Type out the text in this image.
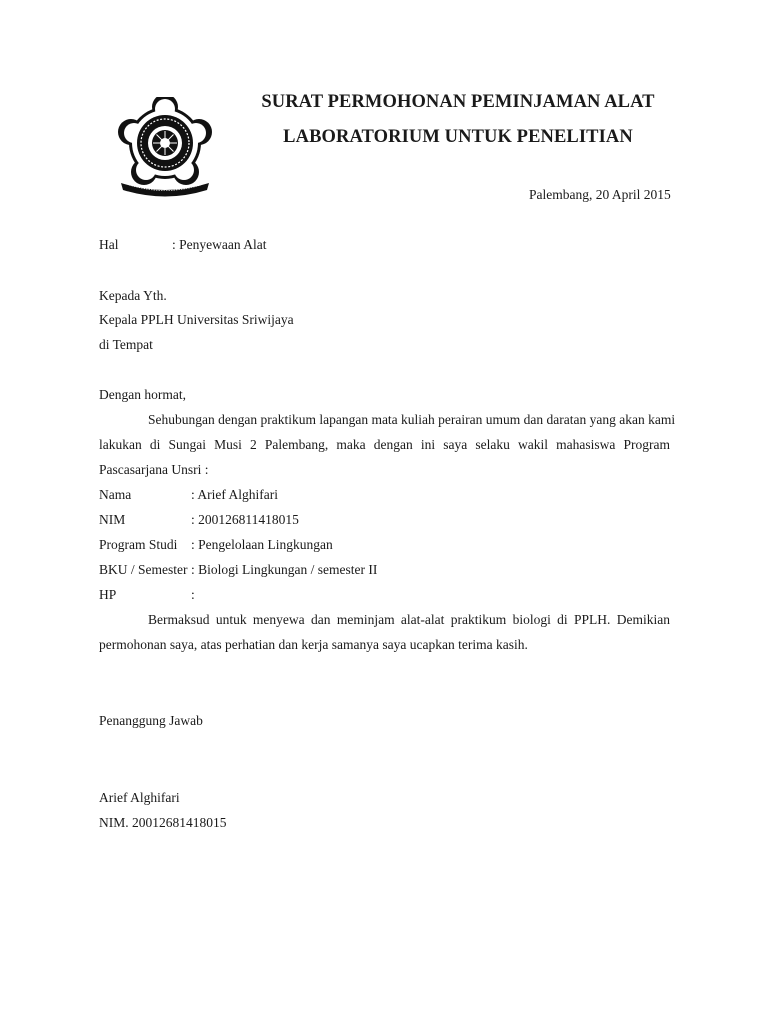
SURAT PERMOHONAN PEMINJAMAN ALAT
LABORATORIUM UNTUK PENELITIAN
Palembang, 20 April 2015
Hal	: Penyewaan Alat
Kepada Yth.
Kepala PPLH Universitas Sriwijaya
di Tempat
Dengan hormat,
Sehubungan dengan praktikum lapangan mata kuliah perairan umum dan daratan yang akan kami
lakukan di Sungai Musi 2 Palembang, maka dengan ini saya selaku wakil mahasiswa Program
Pascasarjana Unsri :
Nama	: Arief Alghifari
NIM	: 200126811418015
Program Studi : Pengelolaan Lingkungan
BKU / Semester : Biologi Lingkungan / semester II
HP	:
Bermaksud untuk menyewa dan meminjam alat-alat praktikum biologi di PPLH. Demikian
permohonan saya, atas perhatian dan kerja samanya saya ucapkan terima kasih.
Penanggung Jawab
Arief Alghifari
NIM. 20012681418015
